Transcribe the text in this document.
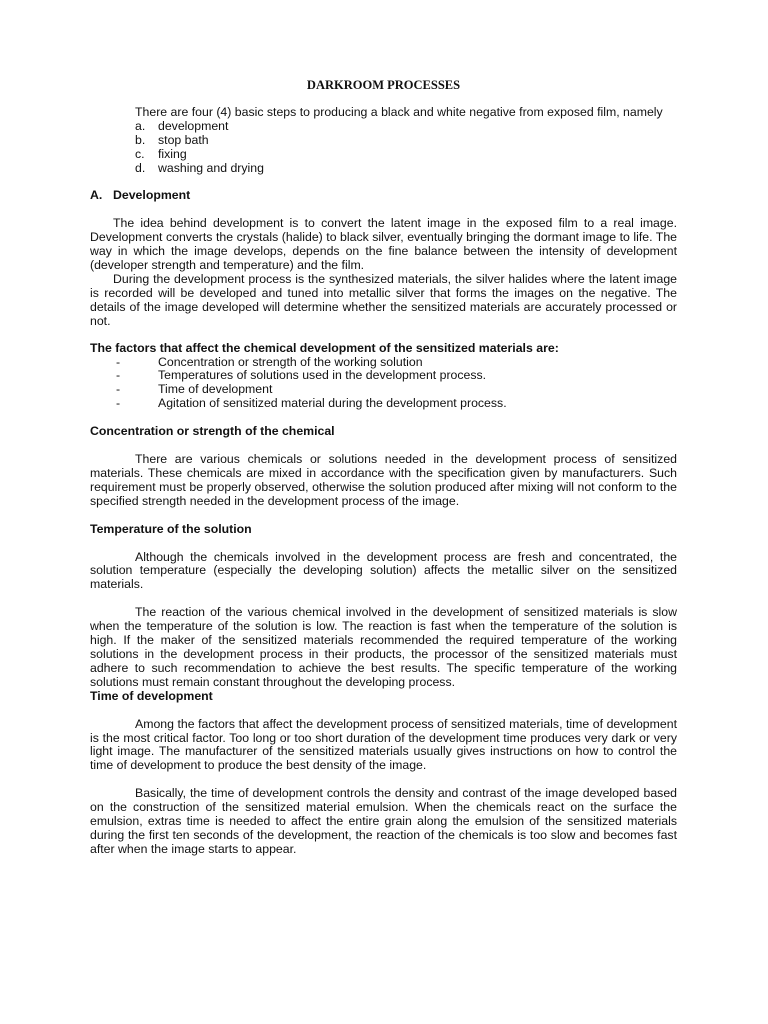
DARKROOM PROCESSES

There are four (4) basic steps to producing a black and white negative from exposed film, namely

a.	development
b.	stop bath
c.	fixing
d.	washing and drying
A. Development

The idea behind development is to convert the latent image in the exposed film to a real image. Development converts the crystals (halide) to black silver, eventually bringing the dormant image to life. The way in which the image develops, depends on the fine balance between the intensity of development (developer strength and temperature) and the film.

During the development process is the synthesized materials, the silver halides where the latent image is recorded will be developed and tuned into metallic silver that forms the images on the negative. The details of the image developed will determine whether the sensitized materials are accurately processed or not.

The factors that affect the chemical development of the sensitized materials are:

-	Concentration or strength of the working solution
-	Temperatures of solutions used in the development process.
-	Time of development
-	Agitation of sensitized material during the development process.

Concentration or strength of the chemical

There are various chemicals or solutions needed in the development process of sensitized materials. These chemicals are mixed in accordance with the specification given by manufacturers. Such requirement must be properly observed, otherwise the solution produced after mixing will not conform to the specified strength needed in the development process of the image.

Temperature of the solution

Although the chemicals involved in the development process are fresh and concentrated, the solution temperature (especially the developing solution) affects the metallic silver on the sensitized materials.

The reaction of the various chemical involved in the development of sensitized materials is slow when the temperature of the solution is low. The reaction is fast when the temperature of the solution is high. If the maker of the sensitized materials recommended the required temperature of the working solutions in the development process in their products, the processor of the sensitized materials must adhere to such recommendation to achieve the best results. The specific temperature of the working solutions must remain constant throughout the developing process.

Time of development

Among the factors that affect the development process of sensitized materials, time of development is the most critical factor. Too long or too short duration of the development time produces very dark or very light image. The manufacturer of the sensitized materials usually gives instructions on how to control the time of development to produce the best density of the image.

Basically, the time of development controls the density and contrast of the image developed based on the construction of the sensitized material emulsion. When the chemicals react on the surface the emulsion, extras time is needed to affect the entire grain along the emulsion of the sensitized materials during the first ten seconds of the development, the reaction of the chemicals is too slow and becomes fast after when the image starts to appear.
